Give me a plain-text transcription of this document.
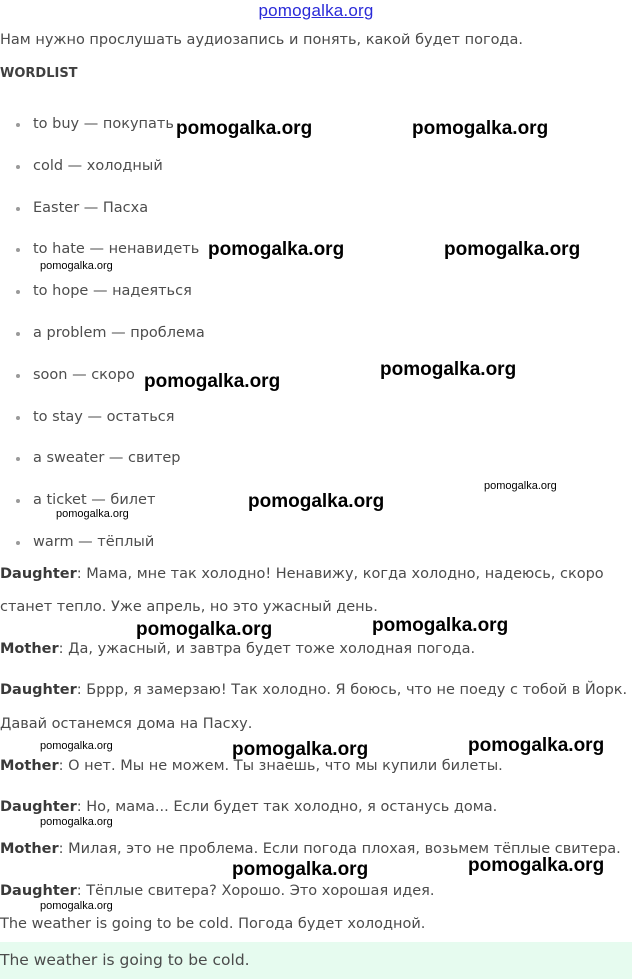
pomogalka.org
Нам нужно прослушать аудиозапись и понять, какой будет погода.
WORDLIST
to buy — покупать
cold — холодный
Easter — Пасха
to hate — ненавидеть
to hope — надеяться
a problem — проблема
soon — скоро
to stay — остаться
a sweater — свитер
a ticket — билет
warm — тёплый
Daughter: Мама, мне так холодно! Ненавижу, когда холодно, надеюсь, скоро
станет тепло. Уже апрель, но это ужасный день.
Mother: Да, ужасный, и завтра будет тоже холодная погода.
Daughter: Бррр, я замерзаю! Так холодно. Я боюсь, что не поеду с тобой в Йорк.
Давай останемся дома на Пасху.
Mother: О нет. Мы не можем. Ты знаешь, что мы купили билеты.
Daughter: Но, мама... Если будет так холодно, я останусь дома.
Mother: Милая, это не проблема. Если погода плохая, возьмем тёплые свитера.
Daughter: Тёплые свитера? Хорошо. Это хорошая идея.
The weather is going to be cold. Погода будет холодной.
The weather is going to be cold.
pomogalka.org	pomogalka.org
pomogalka.org	pomogalka.org
pomogalka.org
pomogalka.org
pomogalka.org
pomogalka.org
pomogalka.org
pomogalka.org
pomogalka.org	pomogalka.org
pomogalka.org	pomogalka.org	pomogalka.org
pomogalka.org
pomogalka.org	pomogalka.org
pomogalka.org
